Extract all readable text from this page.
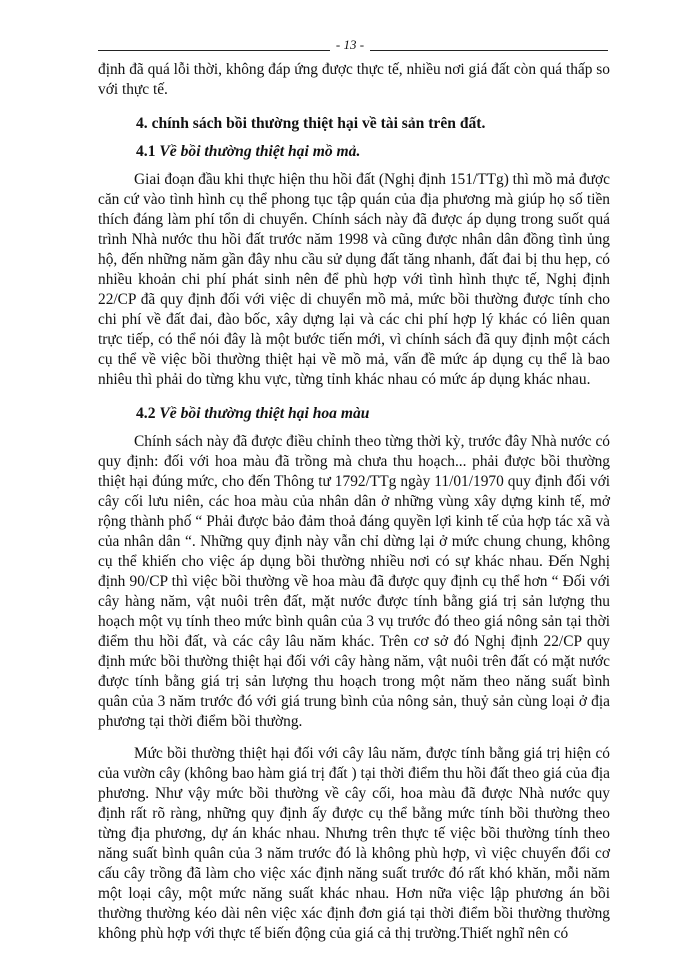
- 13 -

định đã quá lỗi thời, không đáp ứng được thực tế, nhiều nơi giá đất còn quá thấp so với thực tế.

4. chính sách bồi thường thiệt hại về tài sản trên đất.

4.1 Về bồi thường thiệt hại mồ mả.

Giai đoạn đầu khi thực hiện thu hồi đất (Nghị định 151/TTg) thì mồ mả được căn cứ vào tình hình cụ thể phong tục tập quán của địa phương mà giúp họ số tiền thích đáng làm phí tổn di chuyển. Chính sách này đã được áp dụng trong suốt quá trình Nhà nước thu hồi đất trước năm 1998 và cũng được nhân dân đồng tình ủng hộ, đến những năm gần đây nhu cầu sử dụng đất tăng nhanh, đất đai bị thu hẹp, có nhiều khoản chi phí phát sinh nên để phù hợp với tình hình thực tế, Nghị định 22/CP đã quy định đối với việc di chuyển mồ mả, mức bồi thường được tính cho chi phí về đất đai, đào bốc, xây dựng lại và các chi phí hợp lý khác có liên quan trực tiếp, có thể nói đây là một bước tiến mới, vì chính sách đã quy định một cách cụ thể về việc bồi thường thiệt hại về mồ mả, vấn đề mức áp dụng cụ thể là bao nhiêu thì phải do từng khu vực, từng tỉnh khác nhau có mức áp dụng khác nhau.

4.2 Về bồi thường thiệt hại hoa màu

Chính sách này đã được điều chỉnh theo từng thời kỳ, trước đây Nhà nước có quy định: đối với hoa màu đã trồng mà chưa thu hoạch... phải được bồi thường thiệt hại đúng mức, cho đến Thông tư 1792/TTg ngày 11/01/1970 quy định đối với cây cối lưu niên, các hoa màu của nhân dân ở những vùng xây dựng kinh tế, mở rộng thành phố “ Phải được bảo đảm thoả đáng quyền lợi kinh tế của hợp tác xã và của nhân dân “. Những quy định này vẫn chỉ dừng lại ở mức chung chung, không cụ thể khiến cho việc áp dụng bồi thường nhiều nơi có sự khác nhau. Đến Nghị định 90/CP thì việc bồi thường về hoa màu đã được quy định cụ thể hơn “ Đối với cây hàng năm, vật nuôi trên đất, mặt nước được tính bằng giá trị sản lượng thu hoạch một vụ tính theo mức bình quân của 3 vụ trước đó theo giá nông sản tại thời điểm thu hồi đất, và các cây lâu năm khác. Trên cơ sở đó Nghị định 22/CP quy định mức bồi thường thiệt hại đối với cây hàng năm, vật nuôi trên đất có mặt nước được tính bằng giá trị sản lượng thu hoạch trong một năm theo năng suất bình quân của 3 năm trước đó với giá trung bình của nông sản, thuỷ sản cùng loại ở địa phương tại thời điểm bồi thường.

Mức bồi thường thiệt hại đối với cây lâu năm, được tính bằng giá trị hiện có của vườn cây (không bao hàm giá trị đất ) tại thời điểm thu hồi đất theo giá của địa phương. Như vậy mức bồi thường về cây cối, hoa màu đã được Nhà nước quy định rất rõ ràng, những quy định ấy được cụ thể bằng mức tính bồi thường theo từng địa phương, dự án khác nhau. Nhưng trên thực tế việc bồi thường tính theo năng suất bình quân của 3 năm trước đó là không phù hợp, vì việc chuyển đổi cơ cấu cây trồng đã làm cho việc xác định năng suất trước đó rất khó khăn, mỗi năm một loại cây, một mức năng suất khác nhau. Hơn nữa việc lập phương án bồi thường thường kéo dài nên việc xác định đơn giá tại thời điểm bồi thường thường không phù hợp với thực tế biến động của giá cả thị trường.Thiết nghĩ nên có
